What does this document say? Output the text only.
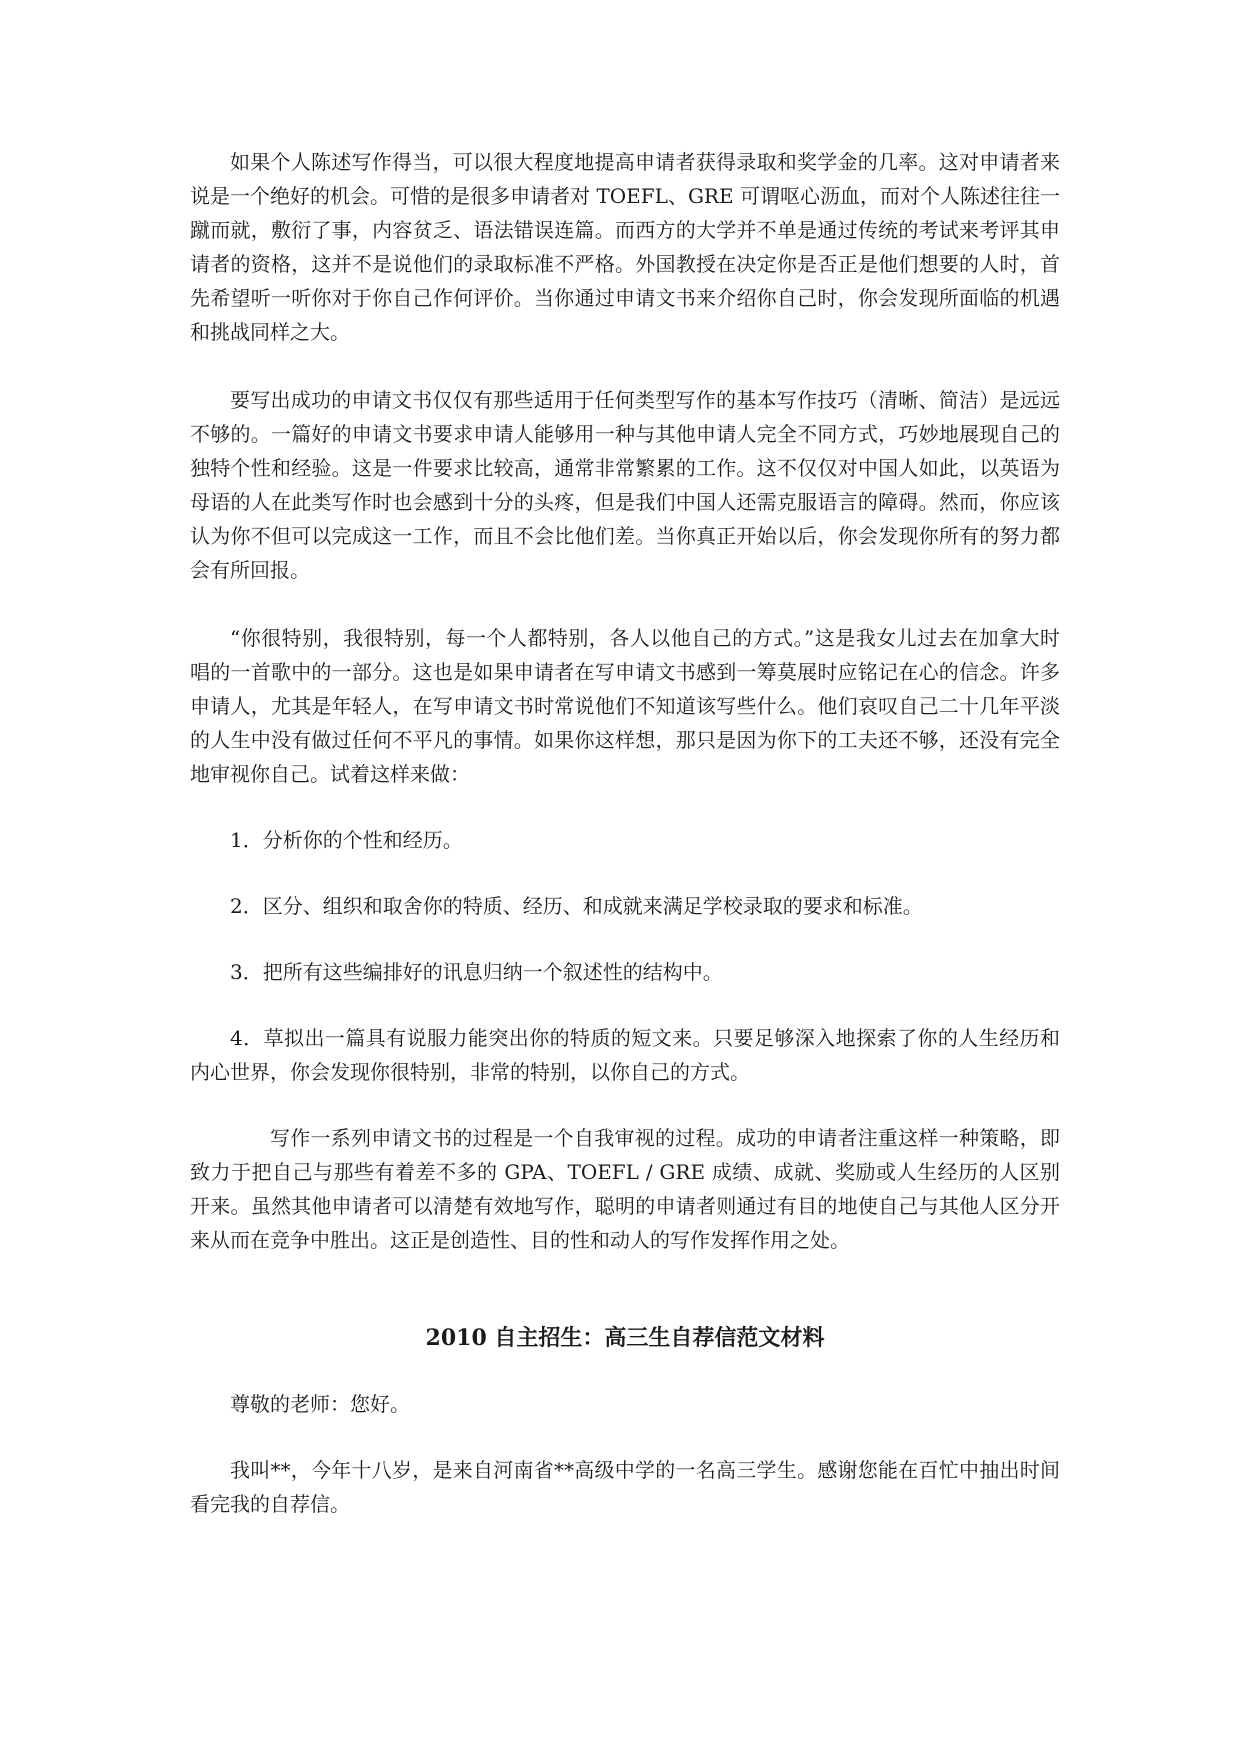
如果个人陈述写作得当，可以很大程度地提高申请者获得录取和奖学金的几率。这对申请者来说是一个绝好的机会。可惜的是很多申请者对 TOEFL、GRE 可谓呕心沥血，而对个人陈述往往一蹴而就，敷衍了事，内容贫乏、语法错误连篇。而西方的大学并不单是通过传统的考试来考评其申请者的资格，这并不是说他们的录取标准不严格。外国教授在决定你是否正是他们想要的人时，首先希望听一听你对于你自己作何评价。当你通过申请文书来介绍你自己时，你会发现所面临的机遇和挑战同样之大。

要写出成功的申请文书仅仅有那些适用于任何类型写作的基本写作技巧（清晰、简洁）是远远不够的。一篇好的申请文书要求申请人能够用一种与其他申请人完全不同方式，巧妙地展现自己的独特个性和经验。这是一件要求比较高，通常非常繁累的工作。这不仅仅对中国人如此，以英语为母语的人在此类写作时也会感到十分的头疼，但是我们中国人还需克服语言的障碍。然而，你应该认为你不但可以完成这一工作，而且不会比他们差。当你真正开始以后，你会发现你所有的努力都会有所回报。

“你很特别，我很特别，每一个人都特别，各人以他自己的方式。”这是我女儿过去在加拿大时唱的一首歌中的一部分。这也是如果申请者在写申请文书感到一筹莫展时应铭记在心的信念。许多申请人，尤其是年轻人，在写申请文书时常说他们不知道该写些什么。他们哀叹自己二十几年平淡的人生中没有做过任何不平凡的事情。如果你这样想，那只是因为你下的工夫还不够，还没有完全地审视你自己。试着这样来做：

1．分析你的个性和经历。

2．区分、组织和取舍你的特质、经历、和成就来满足学校录取的要求和标准。

3．把所有这些编排好的讯息归纳一个叙述性的结构中。

4．草拟出一篇具有说服力能突出你的特质的短文来。只要足够深入地探索了你的人生经历和内心世界，你会发现你很特别，非常的特别，以你自己的方式。

写作一系列申请文书的过程是一个自我审视的过程。成功的申请者注重这样一种策略，即致力于把自己与那些有着差不多的 GPA、TOEFL / GRE 成绩、成就、奖励或人生经历的人区别开来。虽然其他申请者可以清楚有效地写作，聪明的申请者则通过有目的地使自己与其他人区分开来从而在竞争中胜出。这正是创造性、目的性和动人的写作发挥作用之处。

2010 自主招生：高三生自荐信范文材料

尊敬的老师：您好。

我叫**，今年十八岁，是来自河南省**高级中学的一名高三学生。感谢您能在百忙中抽出时间看完我的自荐信。
